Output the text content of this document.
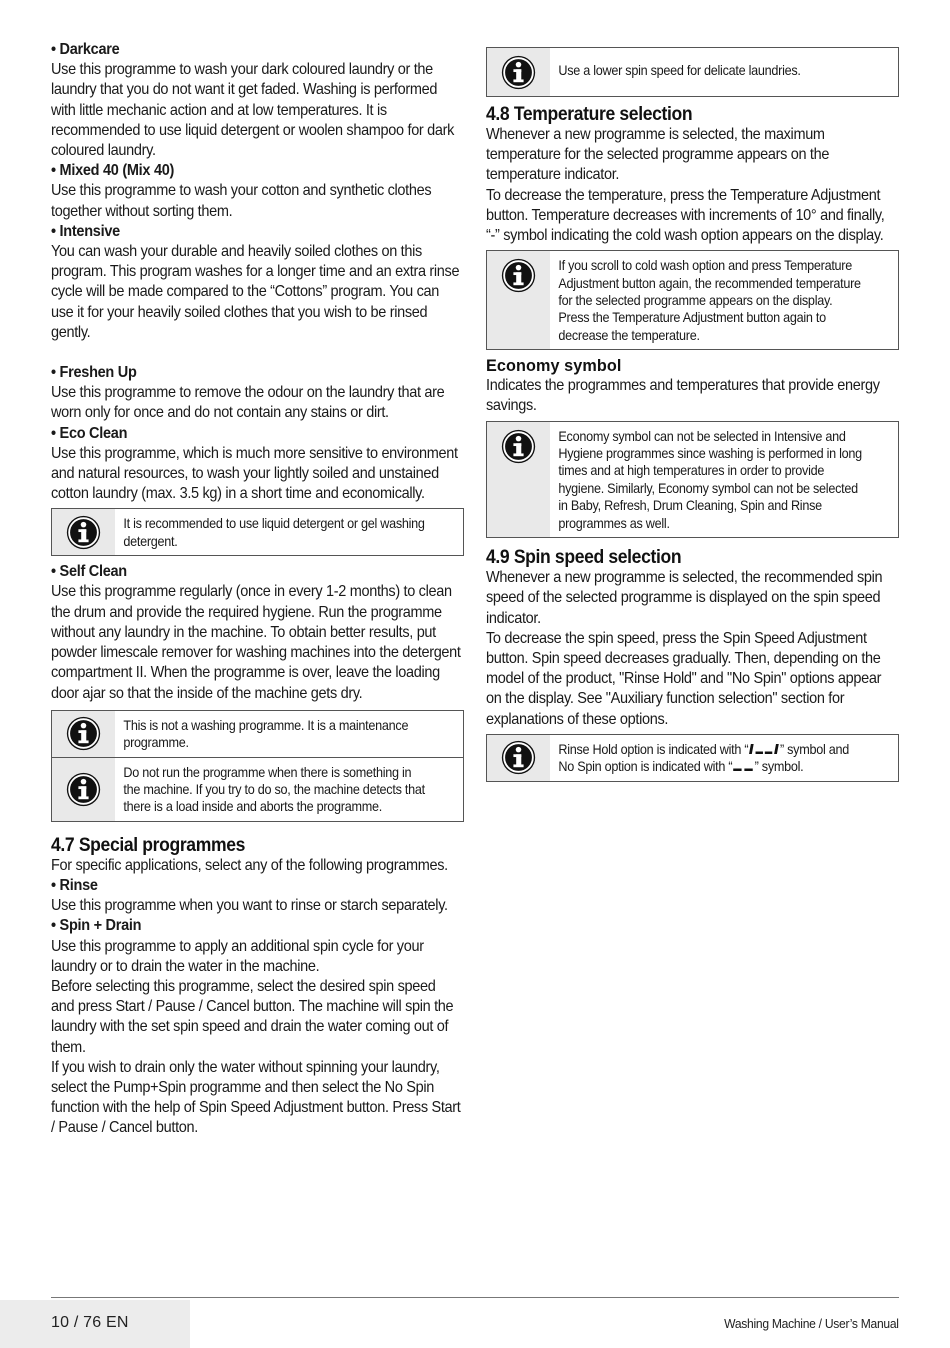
• Darkcare
Use this programme to wash your dark coloured laundry or the laundry that you do not want it get faded. Washing is performed with little mechanic action and at low temperatures. It is recommended to use liquid detergent or woolen shampoo for dark coloured laundry.
• Mixed 40 (Mix 40)
Use this programme to wash your cotton and synthetic clothes together without sorting them.
• Intensive
You can wash your durable and heavily soiled clothes on this program. This program washes for a longer time and an extra rinse cycle will be made compared to the “Cottons” program. You can use it for your heavily soiled clothes that you wish to be rinsed gently.
• Freshen Up
Use this programme to remove the odour on the laundry that are worn only for once and do not contain any stains or dirt.
• Eco Clean
Use this programme, which is much more sensitive to environment and natural resources, to wash your lightly soiled and unstained cotton laundry (max. 3.5 kg) in a short time and economically.
It is recommended to use liquid detergent or gel washing detergent.
• Self Clean
Use this programme regularly (once in every 1-2 months) to clean the drum and provide the required hygiene. Run the programme without any laundry in the machine. To obtain better results, put powder limescale remover for washing machines into the detergent compartment II. When the programme is over, leave the loading door ajar so that the inside of the machine gets dry.
This is not a washing programme. It is a maintenance programme.
Do not run the programme when there is something in the machine. If you try to do so, the machine detects that there is a load inside and aborts the programme.
4.7 Special programmes
For specific applications, select any of the following programmes.
• Rinse
Use this programme when you want to rinse or starch separately.
• Spin + Drain
Use this programme to apply an additional spin cycle for your laundry or to drain the water in the machine.
Before selecting this programme, select the desired spin speed and press Start / Pause / Cancel button. The machine will spin the laundry with the set spin speed and drain the water coming out of them.
If you wish to drain only the water without spinning your laundry, select the Pump+Spin programme and then select the No Spin function with the help of Spin Speed Adjustment button. Press Start / Pause / Cancel button.
Use a lower spin speed for delicate laundries.
4.8 Temperature selection
Whenever a new programme is selected, the maximum temperature for the selected programme appears on the temperature indicator.
To decrease the temperature, press the Temperature Adjustment button. Temperature decreases with increments of 10° and finally, “-” symbol indicating the cold wash option appears on the display.
If you scroll to cold wash option and press Temperature Adjustment button again, the recommended temperature for the selected programme appears on the display. Press the Temperature Adjustment button again to decrease the temperature.
Economy symbol
Indicates the programmes and temperatures that provide energy savings.
Economy symbol can not be selected in Intensive and Hygiene programmes since washing is performed in long times and at high temperatures in order to provide hygiene. Similarly, Economy symbol can not be selected in Baby, Refresh, Drum Cleaning, Spin and Rinse programmes as well.
4.9 Spin speed selection
Whenever a new programme is selected, the recommended spin speed of the selected programme is displayed on the spin speed indicator.
To decrease the spin speed, press the Spin Speed Adjustment button. Spin speed decreases gradually. Then, depending on the model of the product, "Rinse Hold" and "No Spin" options appear on the display. See "Auxiliary function selection" section for explanations of these options.
Rinse Hold option is indicated with “ ” symbol and No Spin option is indicated with “ ” symbol.
10 / 76 EN	Washing Machine / User’s Manual
